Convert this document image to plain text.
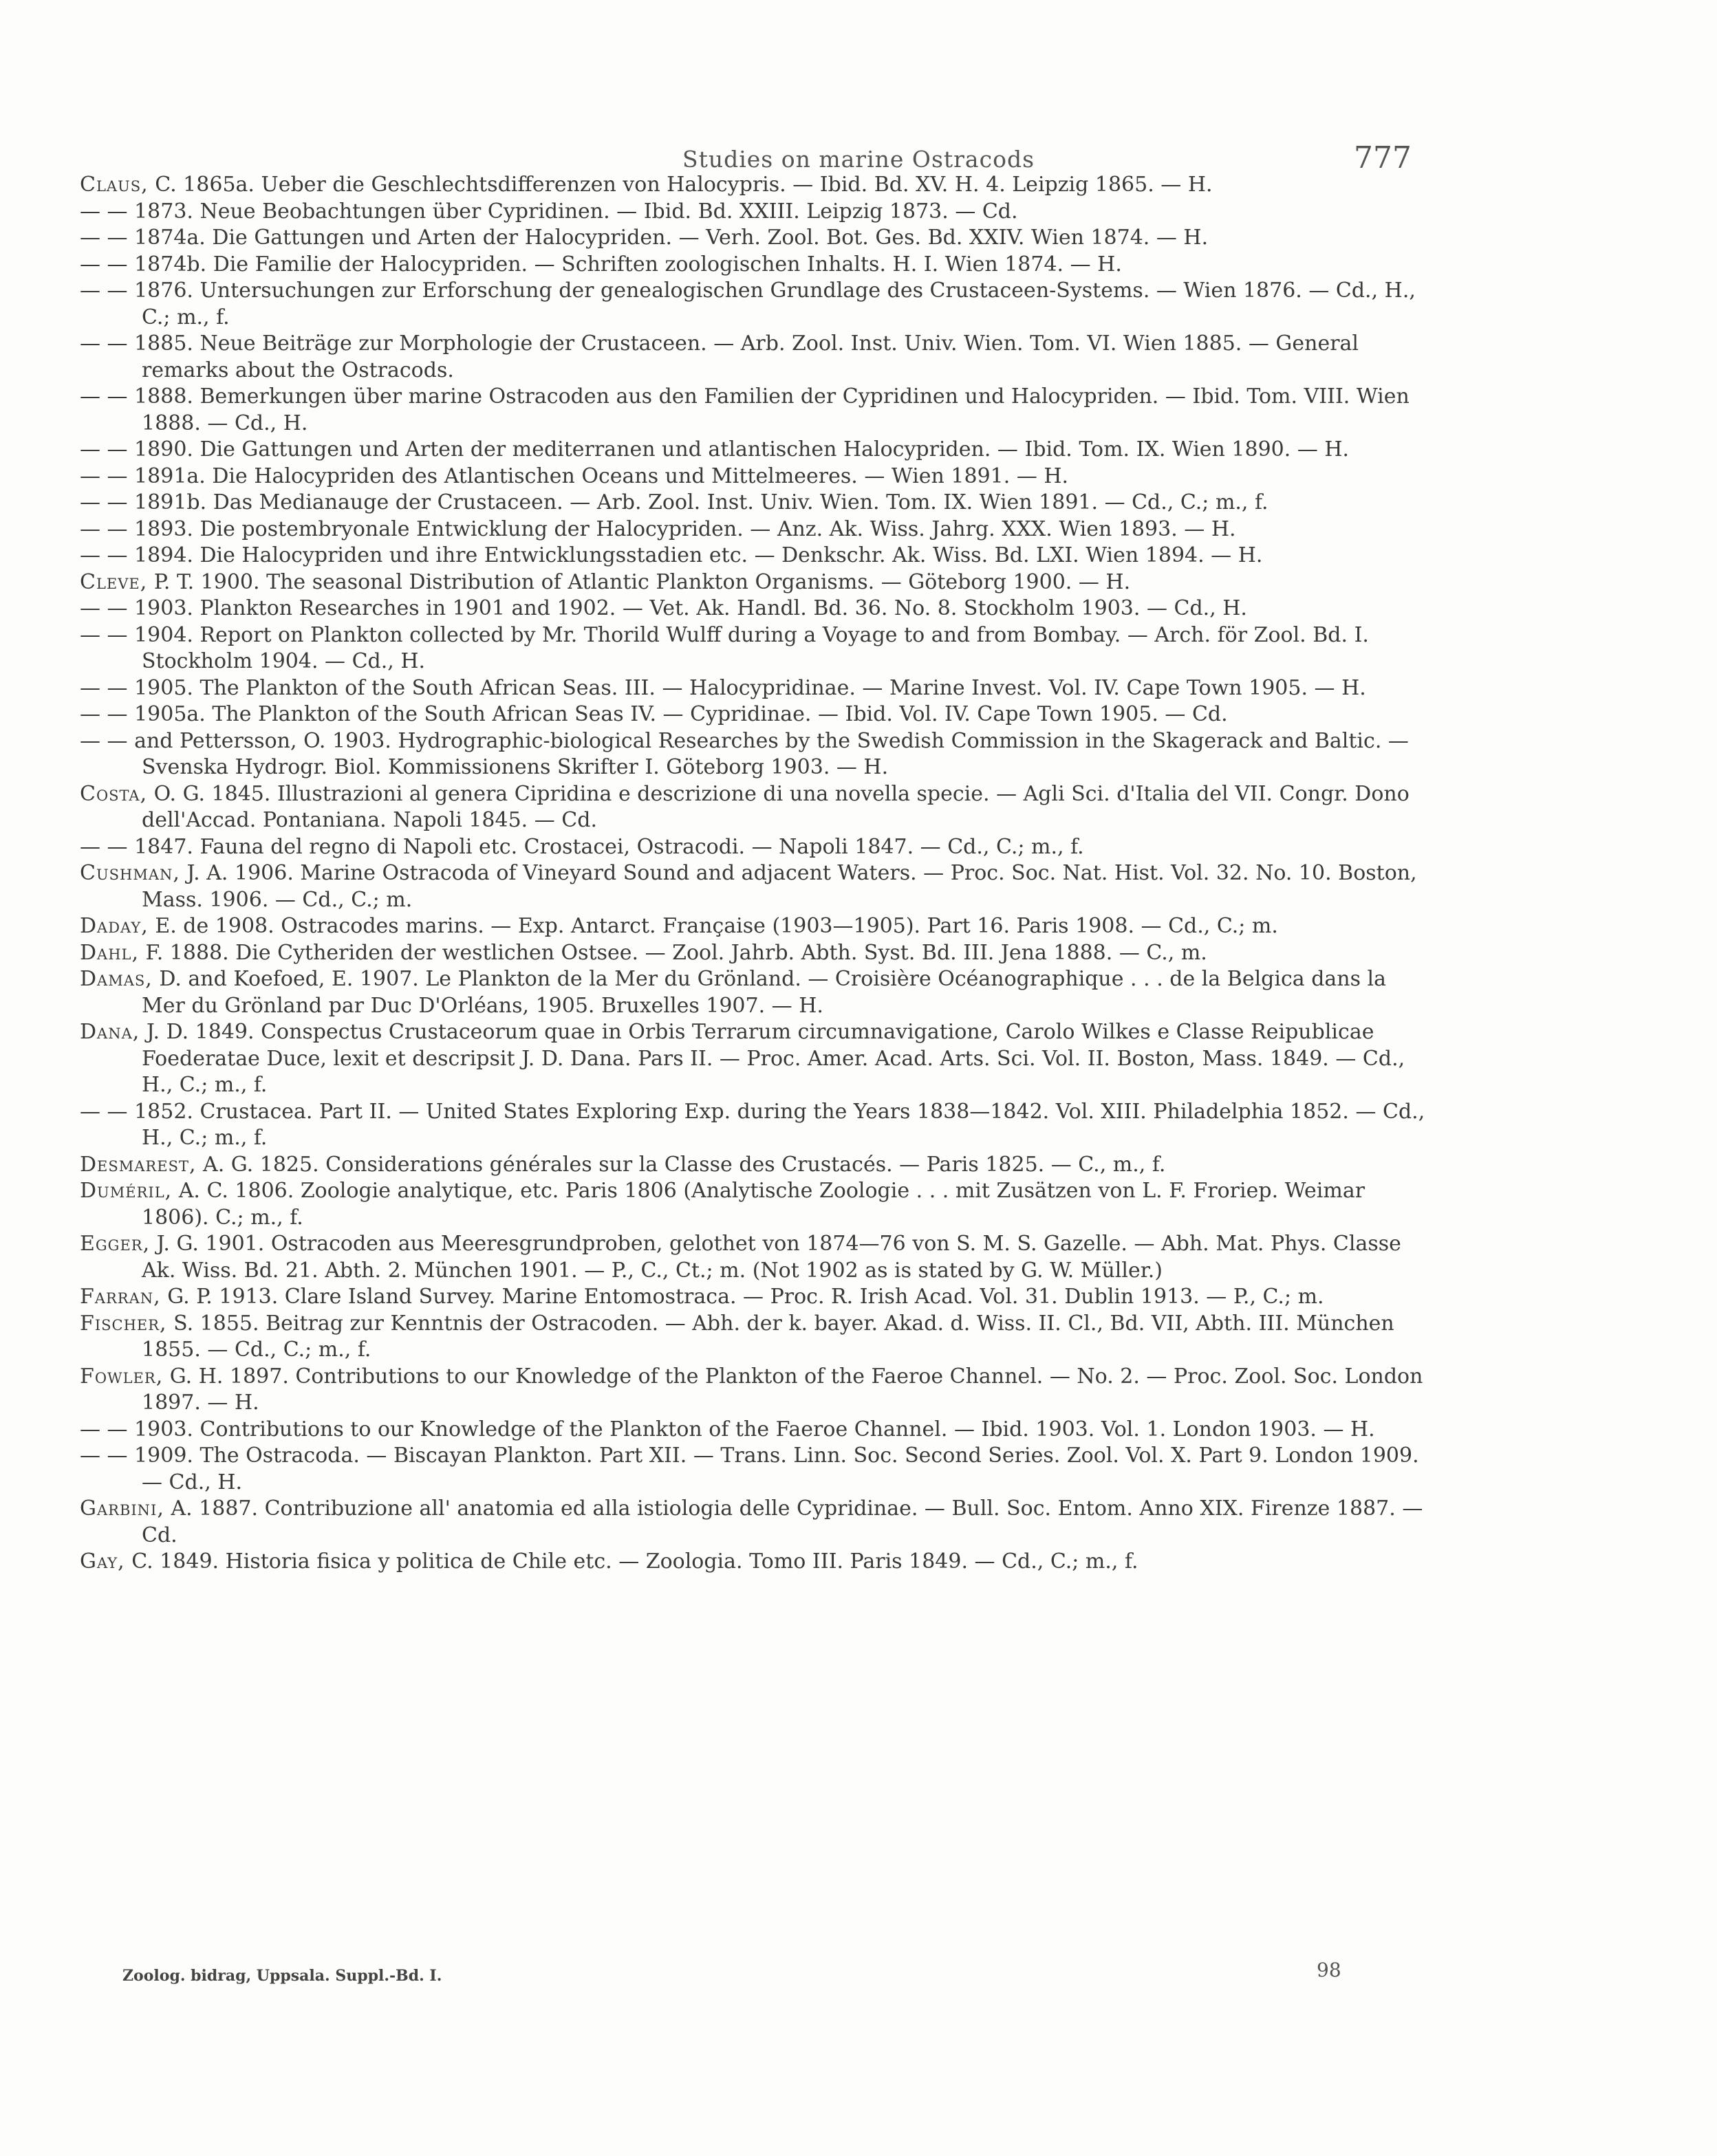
Studies on marine Ostracods	777
Claus, C. 1865a. Ueber die Geschlechtsdifferenzen von Halocypris. — Ibid. Bd. XV. H. 4. Leipzig 1865. — H.
— — 1873. Neue Beobachtungen über Cypridinen. — Ibid. Bd. XXIII. Leipzig 1873. — Cd.
— — 1874a. Die Gattungen und Arten der Halocypriden. — Verh. Zool. Bot. Ges. Bd. XXIV. Wien 1874. — H.
— — 1874b. Die Familie der Halocypriden. — Schriften zoologischen Inhalts. H. I. Wien 1874. — H.
— — 1876. Untersuchungen zur Erforschung der genealogischen Grundlage des Crustaceen-Systems. — Wien 1876. — Cd., H., C.; m., f.
— — 1885. Neue Beiträge zur Morphologie der Crustaceen. — Arb. Zool. Inst. Univ. Wien. Tom. VI. Wien 1885. — General remarks about the Ostracods.
— — 1888. Bemerkungen über marine Ostracoden aus den Familien der Cypridinen und Halocypriden. — Ibid. Tom. VIII. Wien 1888. — Cd., H.
— — 1890. Die Gattungen und Arten der mediterranen und atlantischen Halocypriden. — Ibid. Tom. IX. Wien 1890. — H.
— — 1891a. Die Halocypriden des Atlantischen Oceans und Mittelmeeres. — Wien 1891. — H.
— — 1891b. Das Medianauge der Crustaceen. — Arb. Zool. Inst. Univ. Wien. Tom. IX. Wien 1891. — Cd., C.; m., f.
— — 1893. Die postembryonale Entwicklung der Halocypriden. — Anz. Ak. Wiss. Jahrg. XXX. Wien 1893. — H.
— — 1894. Die Halocypriden und ihre Entwicklungsstadien etc. — Denkschr. Ak. Wiss. Bd. LXI. Wien 1894. — H.
Cleve, P. T. 1900. The seasonal Distribution of Atlantic Plankton Organisms. — Göteborg 1900. — H.
— — 1903. Plankton Researches in 1901 and 1902. — Vet. Ak. Handl. Bd. 36. No. 8. Stockholm 1903. — Cd., H.
— — 1904. Report on Plankton collected by Mr. Thorild Wulff during a Voyage to and from Bombay. — Arch. för Zool. Bd. I. Stockholm 1904. — Cd., H.
— — 1905. The Plankton of the South African Seas. III. — Halocypridinae. — Marine Invest. Vol. IV. Cape Town 1905. — H.
— — 1905a. The Plankton of the South African Seas IV. — Cypridinae. — Ibid. Vol. IV. Cape Town 1905. — Cd.
— — and Pettersson, O. 1903. Hydrographic-biological Researches by the Swedish Commission in the Skagerack and Baltic. — Svenska Hydrogr. Biol. Kommissionens Skrifter I. Göteborg 1903. — H.
Costa, O. G. 1845. Illustrazioni al genera Cipridina e descrizione di una novella specie. — Agli Sci. d'Italia del VII. Congr. Dono dell'Accad. Pontaniana. Napoli 1845. — Cd.
— — 1847. Fauna del regno di Napoli etc. Crostacei, Ostracodi. — Napoli 1847. — Cd., C.; m., f.
Cushman, J. A. 1906. Marine Ostracoda of Vineyard Sound and adjacent Waters. — Proc. Soc. Nat. Hist. Vol. 32. No. 10. Boston, Mass. 1906. — Cd., C.; m.
Daday, E. de 1908. Ostracodes marins. — Exp. Antarct. Française (1903—1905). Part 16. Paris 1908. — Cd., C.; m.
Dahl, F. 1888. Die Cytheriden der westlichen Ostsee. — Zool. Jahrb. Abth. Syst. Bd. III. Jena 1888. — C., m.
Damas, D. and Koefoed, E. 1907. Le Plankton de la Mer du Grönland. — Croisière Océanographique . . . de la Belgica dans la Mer du Grönland par Duc D'Orléans, 1905. Bruxelles 1907. — H.
Dana, J. D. 1849. Conspectus Crustaceorum quae in Orbis Terrarum circumnavigatione, Carolo Wilkes e Classe Reipublicae Foederatae Duce, lexit et descripsit J. D. Dana. Pars II. — Proc. Amer. Acad. Arts. Sci. Vol. II. Boston, Mass. 1849. — Cd., H., C.; m., f.
— — 1852. Crustacea. Part II. — United States Exploring Exp. during the Years 1838—1842. Vol. XIII. Philadelphia 1852. — Cd., H., C.; m., f.
Desmarest, A. G. 1825. Considerations générales sur la Classe des Crustacés. — Paris 1825. — C., m., f.
Duméril, A. C. 1806. Zoologie analytique, etc. Paris 1806 (Analytische Zoologie . . . mit Zusätzen von L. F. Froriep. Weimar 1806). C.; m., f.
Egger, J. G. 1901. Ostracoden aus Meeresgrundproben, gelothet von 1874—76 von S. M. S. Gazelle. — Abh. Mat. Phys. Classe Ak. Wiss. Bd. 21. Abth. 2. München 1901. — P., C., Ct.; m. (Not 1902 as is stated by G. W. Müller.)
Farran, G. P. 1913. Clare Island Survey. Marine Entomostraca. — Proc. R. Irish Acad. Vol. 31. Dublin 1913. — P., C.; m.
Fischer, S. 1855. Beitrag zur Kenntnis der Ostracoden. — Abh. der k. bayer. Akad. d. Wiss. II. Cl., Bd. VII, Abth. III. München 1855. — Cd., C.; m., f.
Fowler, G. H. 1897. Contributions to our Knowledge of the Plankton of the Faeroe Channel. — No. 2. — Proc. Zool. Soc. London 1897. — H.
— — 1903. Contributions to our Knowledge of the Plankton of the Faeroe Channel. — Ibid. 1903. Vol. 1. London 1903. — H.
— — 1909. The Ostracoda. — Biscayan Plankton. Part XII. — Trans. Linn. Soc. Second Series. Zool. Vol. X. Part 9. London 1909. — Cd., H.
Garbini, A. 1887. Contribuzione all' anatomia ed alla istiologia delle Cypridinae. — Bull. Soc. Entom. Anno XIX. Firenze 1887. — Cd.
Gay, C. 1849. Historia fisica y politica de Chile etc. — Zoologia. Tomo III. Paris 1849. — Cd., C.; m., f.
Zoolog. bidrag, Uppsala. Suppl.-Bd. I.	98
